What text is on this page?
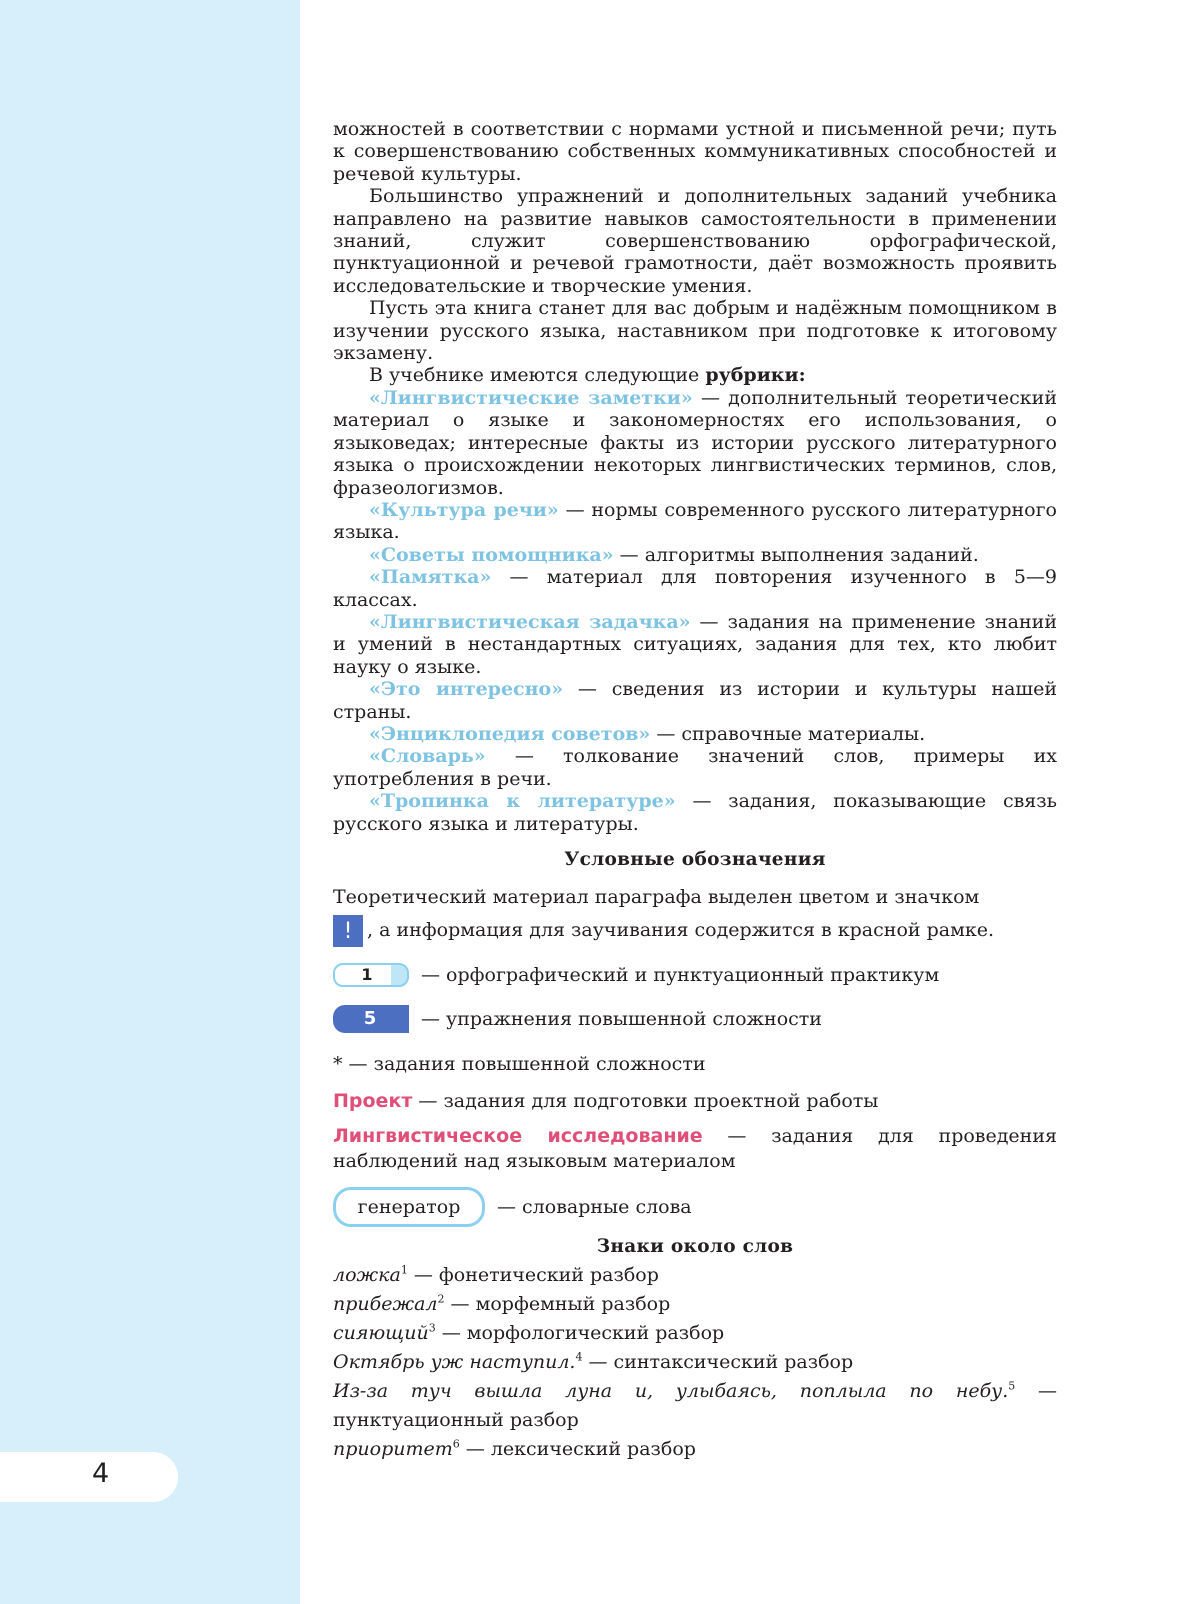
4

можностей в соответствии с нормами устной и письменной речи; путь к совершенствованию собственных коммуникативных способностей и речевой культуры.

Большинство упражнений и дополнительных заданий учебника направлено на развитие навыков самостоятельности в применении знаний, служит совершенствованию орфографической, пунктуационной и речевой грамотности, даёт возможность проявить исследовательские и творческие умения.

Пусть эта книга станет для вас добрым и надёжным помощником в изучении русского языка, наставником при подготовке к итоговому экзамену.

В учебнике имеются следующие рубрики:

«Лингвистические заметки» — дополнительный теоретический материал о языке и закономерностях его использования, о языковедах; интересные факты из истории русского литературного языка о происхождении некоторых лингвистических терминов, слов, фразеологизмов.

«Культура речи» — нормы современного русского литературного языка.

«Советы помощника» — алгоритмы выполнения заданий.

«Памятка» — материал для повторения изученного в 5—9 классах.

«Лингвистическая задачка» — задания на применение знаний и умений в нестандартных ситуациях, задания для тех, кто любит науку о языке.

«Это интересно» — сведения из истории и культуры нашей страны.

«Энциклопедия советов» — справочные материалы.

«Словарь» — толкование значений слов, примеры их употребления в речи.

«Тропинка к литературе» — задания, показывающие связь русского языка и литературы.

Условные обозначения

Теоретический материал параграфа выделен цветом и значком
! , а информация для заучивания содержится в красной рамке.

1	— орфографический и пунктуационный практикум
5	— упражнения повышенной сложности

* — задания повышенной сложности

Проект — задания для подготовки проектной работы

Лингвистическое исследование — задания для проведения наблюдений над языковым материалом

генератор	— словарные слова
Знаки около слов

ложка$^1$ — фонетический разбор

прибежал$^2$ — морфемный разбор

сияющий$^3$ — морфологический разбор

Октябрь уж наступил.$^4$ — синтаксический разбор

Из-за туч вышла луна и, улыбаясь, поплыла по небу.$^5$ — пунктуационный разбор

приоритет$^6$ — лексический разбор
